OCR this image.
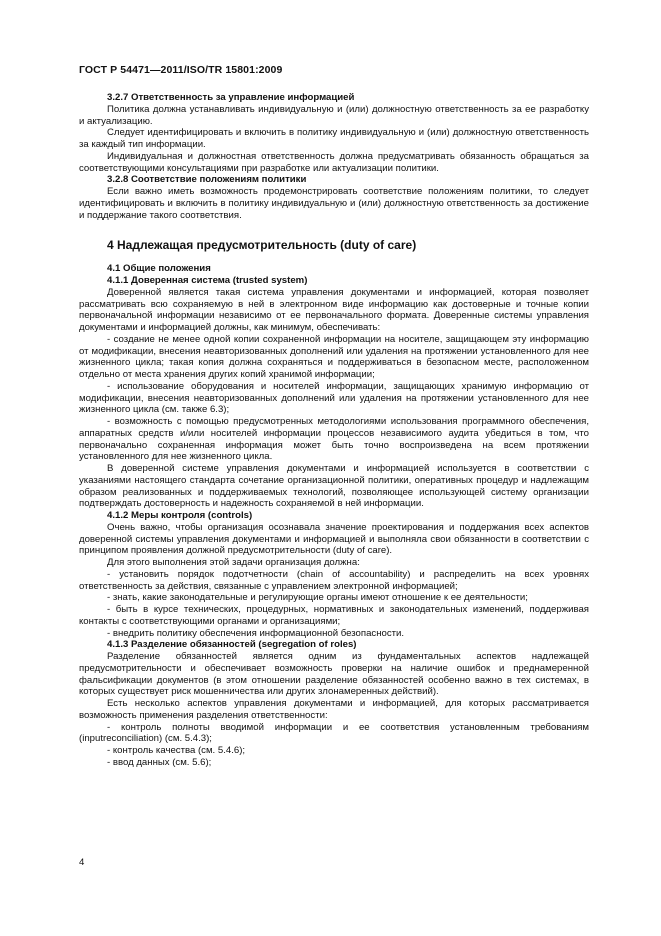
ГОСТ Р 54471—2011/ISO/TR 15801:2009
3.2.7 Ответственность за управление информацией

Политика должна устанавливать индивидуальную и (или) должностную ответственность за ее разработку и актуализацию.

Следует идентифицировать и включить в политику индивидуальную и (или) должностную ответственность за каждый тип информации.

Индивидуальная и должностная ответственность должна предусматривать обязанность обращаться за соответствующими консультациями при разработке или актуализации политики.

3.2.8 Соответствие положениям политики

Если важно иметь возможность продемонстрировать соответствие положениям политики, то следует идентифицировать и включить в политику индивидуальную и (или) должностную ответственность за достижение и поддержание такого соответствия.

4 Надлежащая предусмотрительность (duty of care)
4.1 Общие положения
4.1.1 Доверенная система (trusted system)

Доверенной является такая система управления документами и информацией, которая позволяет рассматривать всю сохраняемую в ней в электронном виде информацию как достоверные и точные копии первоначальной информации независимо от ее первоначального формата. Доверенные системы управления документами и информацией должны, как минимум, обеспечивать:

- создание не менее одной копии сохраненной информации на носителе, защищающем эту информацию от модификации, внесения неавторизованных дополнений или удаления на протяжении установленного для нее жизненного цикла; такая копия должна сохраняться и поддерживаться в безопасном месте, расположенном отдельно от места хранения других копий хранимой информации;

- использование оборудования и носителей информации, защищающих хранимую информацию от модификации, внесения неавторизованных дополнений или удаления на протяжении установленного для нее жизненного цикла (см. также 6.3);

- возможность с помощью предусмотренных методологиями использования программного обеспечения, аппаратных средств и/или носителей информации процессов независимого аудита убедиться в том, что первоначально сохраненная информация может быть точно воспроизведена на всем протяжении установленного для нее жизненного цикла.

В доверенной системе управления документами и информацией используется в соответствии с указаниями настоящего стандарта сочетание организационной политики, оперативных процедур и надлежащим образом реализованных и поддерживаемых технологий, позволяющее использующей систему организации подтверждать достоверность и надежность сохраняемой в ней информации.

4.1.2 Меры контроля (controls)

Очень важно, чтобы организация осознавала значение проектирования и поддержания всех аспектов доверенной системы управления документами и информацией и выполняла свои обязанности в соответствии с принципом проявления должной предусмотрительности (duty of care).

Для этого выполнения этой задачи организация должна:

- установить порядок подотчетности (chain of accountability) и распределить на всех уровнях ответственность за действия, связанные с управлением электронной информацией;

- знать, какие законодательные и регулирующие органы имеют отношение к ее деятельности;

- быть в курсе технических, процедурных, нормативных и законодательных изменений, поддерживая контакты с соответствующими органами и организациями;

- внедрить политику обеспечения информационной безопасности.

4.1.3 Разделение обязанностей (segregation of roles)

Разделение обязанностей является одним из фундаментальных аспектов надлежащей предусмотрительности и обеспечивает возможность проверки на наличие ошибок и преднамеренной фальсификации документов (в этом отношении разделение обязанностей особенно важно в тех системах, в которых существует риск мошенничества или других злонамеренных действий).

Есть несколько аспектов управления документами и информацией, для которых рассматривается возможность применения разделения ответственности:

- контроль полноты вводимой информации и ее соответствия установленным требованиям (inputreconciliation) (см. 5.4.3);

- контроль качества (см. 5.4.6);

- ввод данных (см. 5.6);

4
